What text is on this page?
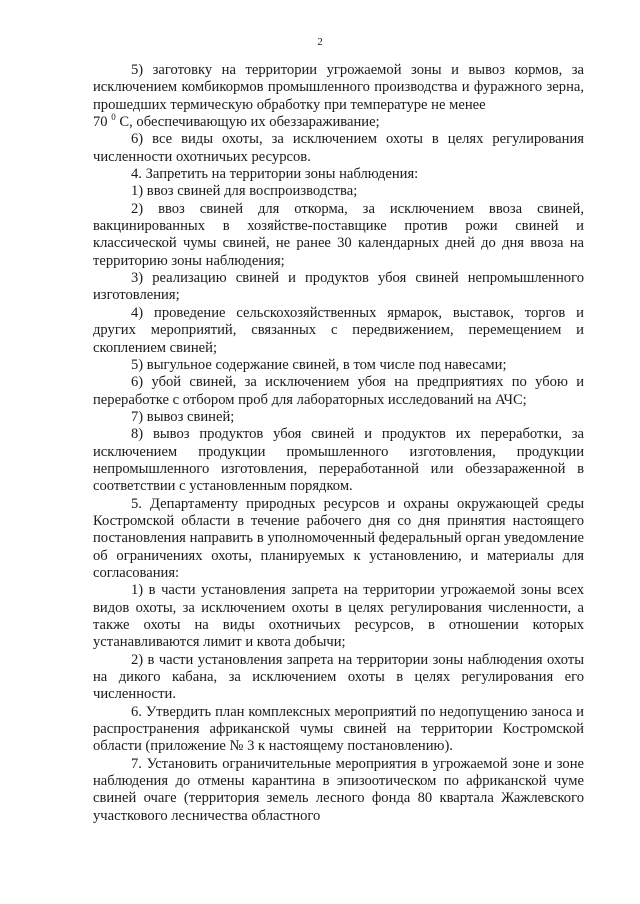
2

5) заготовку на территории угрожаемой зоны и вывоз кормов, за исключением комбикормов промышленного производства и фуражного зерна, прошедших термическую обработку при температуре не менее
70 $^0$ С, обеспечивающую их обеззараживание;

6) все виды охоты, за исключением охоты в целях регулирования численности охотничьих ресурсов.

4. Запретить на территории зоны наблюдения:

1) ввоз свиней для воспроизводства;

2) ввоз свиней для откорма, за исключением ввоза свиней, вакцинированных в хозяйстве-поставщике против рожи свиней и классической чумы свиней, не ранее 30 календарных дней до дня ввоза на территорию зоны наблюдения;

3) реализацию свиней и продуктов убоя свиней непромышленного изготовления;

4) проведение сельскохозяйственных ярмарок, выставок, торгов и других мероприятий, связанных с передвижением, перемещением и скоплением свиней;

5) выгульное содержание свиней, в том числе под навесами;

6) убой свиней, за исключением убоя на предприятиях по убою и переработке с отбором проб для лабораторных исследований на АЧС;

7) вывоз свиней;

8) вывоз продуктов убоя свиней и продуктов их переработки, за исключением продукции промышленного изготовления, продукции непромышленного изготовления, переработанной или обеззараженной в соответствии с установленным порядком.

5. Департаменту природных ресурсов и охраны окружающей среды Костромской области в течение рабочего дня со дня принятия настоящего постановления направить в уполномоченный федеральный орган уведомление об ограничениях охоты, планируемых к установлению, и материалы для согласования:

1) в части установления запрета на территории угрожаемой зоны всех видов охоты, за исключением охоты в целях регулирования численности, а также охоты на виды охотничьих ресурсов, в отношении которых устанавливаются лимит и квота добычи;

2) в части установления запрета на территории зоны наблюдения охоты на дикого кабана, за исключением охоты в целях регулирования его численности.

6. Утвердить план комплексных мероприятий по недопущению заноса и распространения африканской чумы свиней на территории Костромской области (приложение № 3 к настоящему постановлению).

7. Установить ограничительные мероприятия в угрожаемой зоне и зоне наблюдения до отмены карантина в эпизоотическом по африканской чуме свиней очаге (территория земель лесного фонда 80 квартала Жажлевского участкового лесничества областного
